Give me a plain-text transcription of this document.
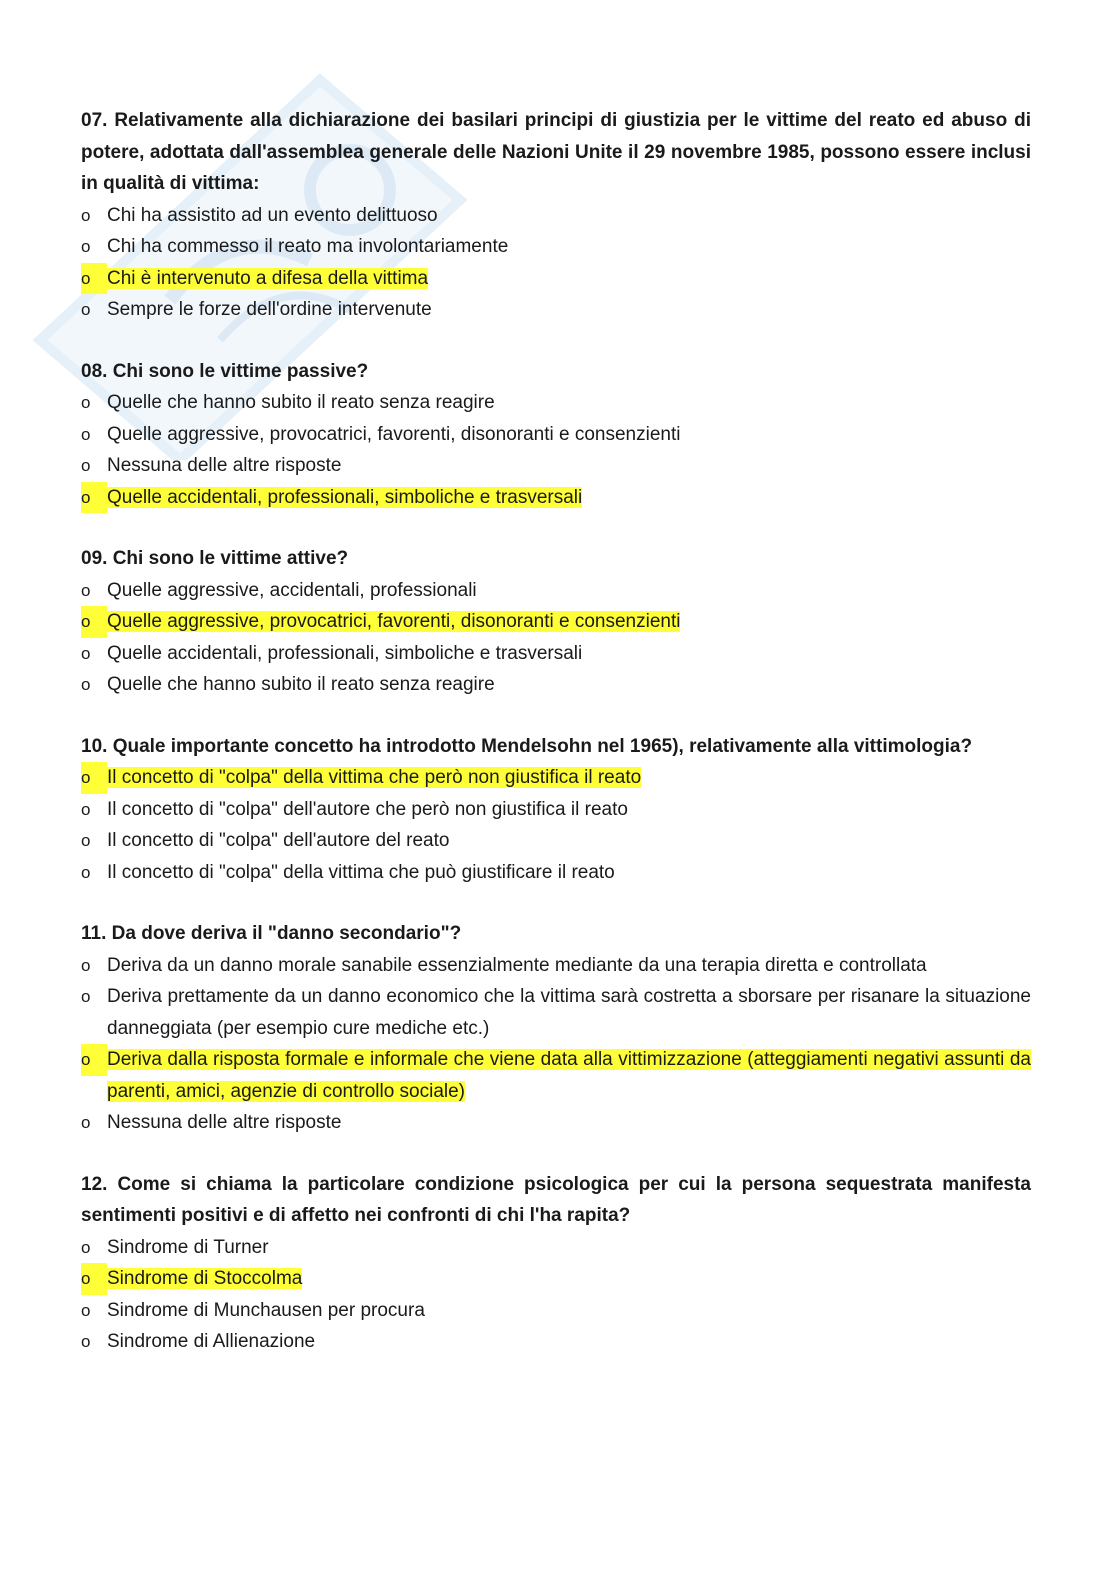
07. Relativamente alla dichiarazione dei basilari principi di giustizia per le vittime del reato ed abuso di potere, adottata dall'assemblea generale delle Nazioni Unite il 29 novembre 1985, possono essere inclusi in qualità di vittima:

o Chi ha assistito ad un evento delittuoso
o Chi ha commesso il reato ma involontariamente
o Chi è intervenuto a difesa della vittima
o Sempre le forze dell'ordine intervenute

08. Chi sono le vittime passive?

o Quelle che hanno subito il reato senza reagire
o Quelle aggressive, provocatrici, favorenti, disonoranti e consenzienti
o Nessuna delle altre risposte
o Quelle accidentali, professionali, simboliche e trasversali

09. Chi sono le vittime attive?

o Quelle aggressive, accidentali, professionali
o Quelle aggressive, provocatrici, favorenti, disonoranti e consenzienti
o Quelle accidentali, professionali, simboliche e trasversali
o Quelle che hanno subito il reato senza reagire

10. Quale importante concetto ha introdotto Mendelsohn nel 1965), relativamente alla vittimologia?

o Il concetto di "colpa" della vittima che però non giustifica il reato
o Il concetto di "colpa" dell'autore che però non giustifica il reato
o Il concetto di "colpa" dell'autore del reato
o Il concetto di "colpa" della vittima che può giustificare il reato

11. Da dove deriva il "danno secondario"?

o Deriva da un danno morale sanabile essenzialmente mediante da una terapia diretta e controllata
o Deriva prettamente da un danno economico che la vittima sarà costretta a sborsare per risanare la situazione danneggiata (per esempio cure mediche etc.)
o Deriva dalla risposta formale e informale che viene data alla vittimizzazione (atteggiamenti negativi assunti da parenti, amici, agenzie di controllo sociale)
o Nessuna delle altre risposte

12. Come si chiama la particolare condizione psicologica per cui la persona sequestrata manifesta sentimenti positivi e di affetto nei confronti di chi l'ha rapita?

o Sindrome di Turner
o Sindrome di Stoccolma
o Sindrome di Munchausen per procura
o Sindrome di Allienazione
